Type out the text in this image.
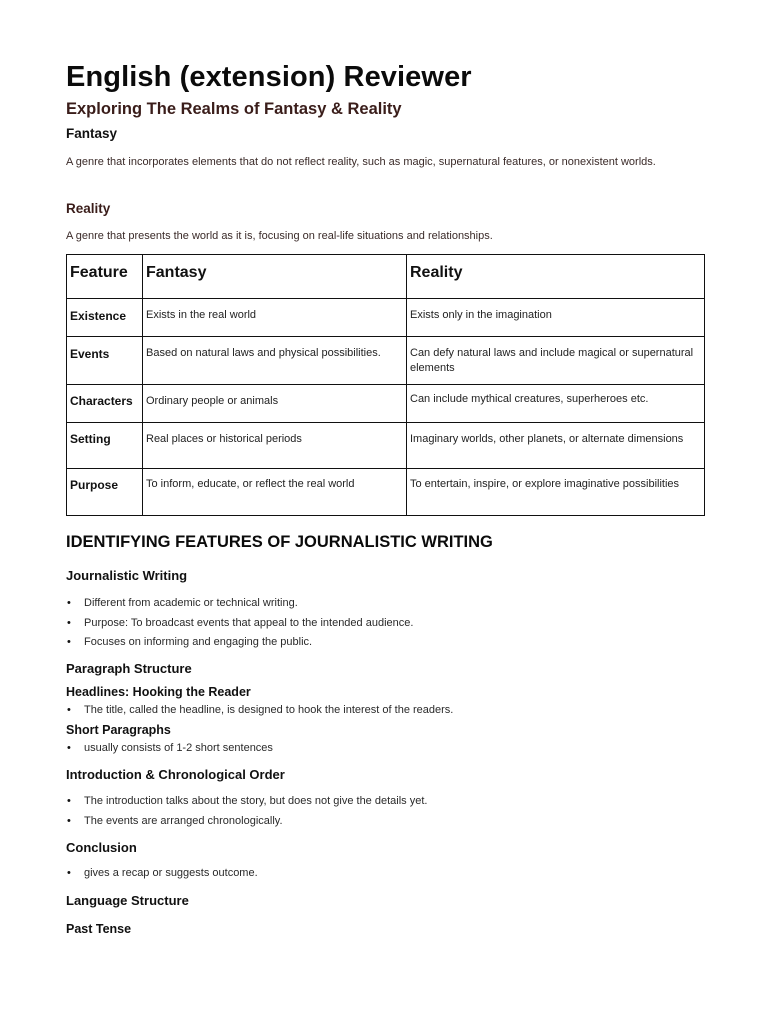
English (extension) Reviewer
Exploring The Realms of Fantasy & Reality
Fantasy

A genre that incorporates elements that do not reflect reality, such as magic, supernatural features, or nonexistent worlds.

Reality

A genre that presents the world as it is, focusing on real-life situations and relationships.

Feature	Fantasy	Reality
Existence	Exists in the real world	Exists only in the imagination
Events	Based on natural laws and physical possibilities.	Can defy natural laws and include magical or supernatural elements
Characters	Ordinary people or animals	Can include mythical creatures, superheroes etc.
Setting	Real places or historical periods	Imaginary worlds, other planets, or alternate dimensions
Purpose	To inform, educate, or reflect the real world	To entertain, inspire, or explore imaginative possibilities
IDENTIFYING FEATURES OF JOURNALISTIC WRITING
Journalistic Writing
• Different from academic or technical writing.
• Purpose: To broadcast events that appeal to the intended audience.
• Focuses on informing and engaging the public.
Paragraph Structure
Headlines: Hooking the Reader
• The title, called the headline, is designed to hook the interest of the readers.
Short Paragraphs
• usually consists of 1-2 short sentences
Introduction & Chronological Order
• The introduction talks about the story, but does not give the details yet.
• The events are arranged chronologically.
Conclusion
• gives a recap or suggests outcome.
Language Structure
Past Tense
